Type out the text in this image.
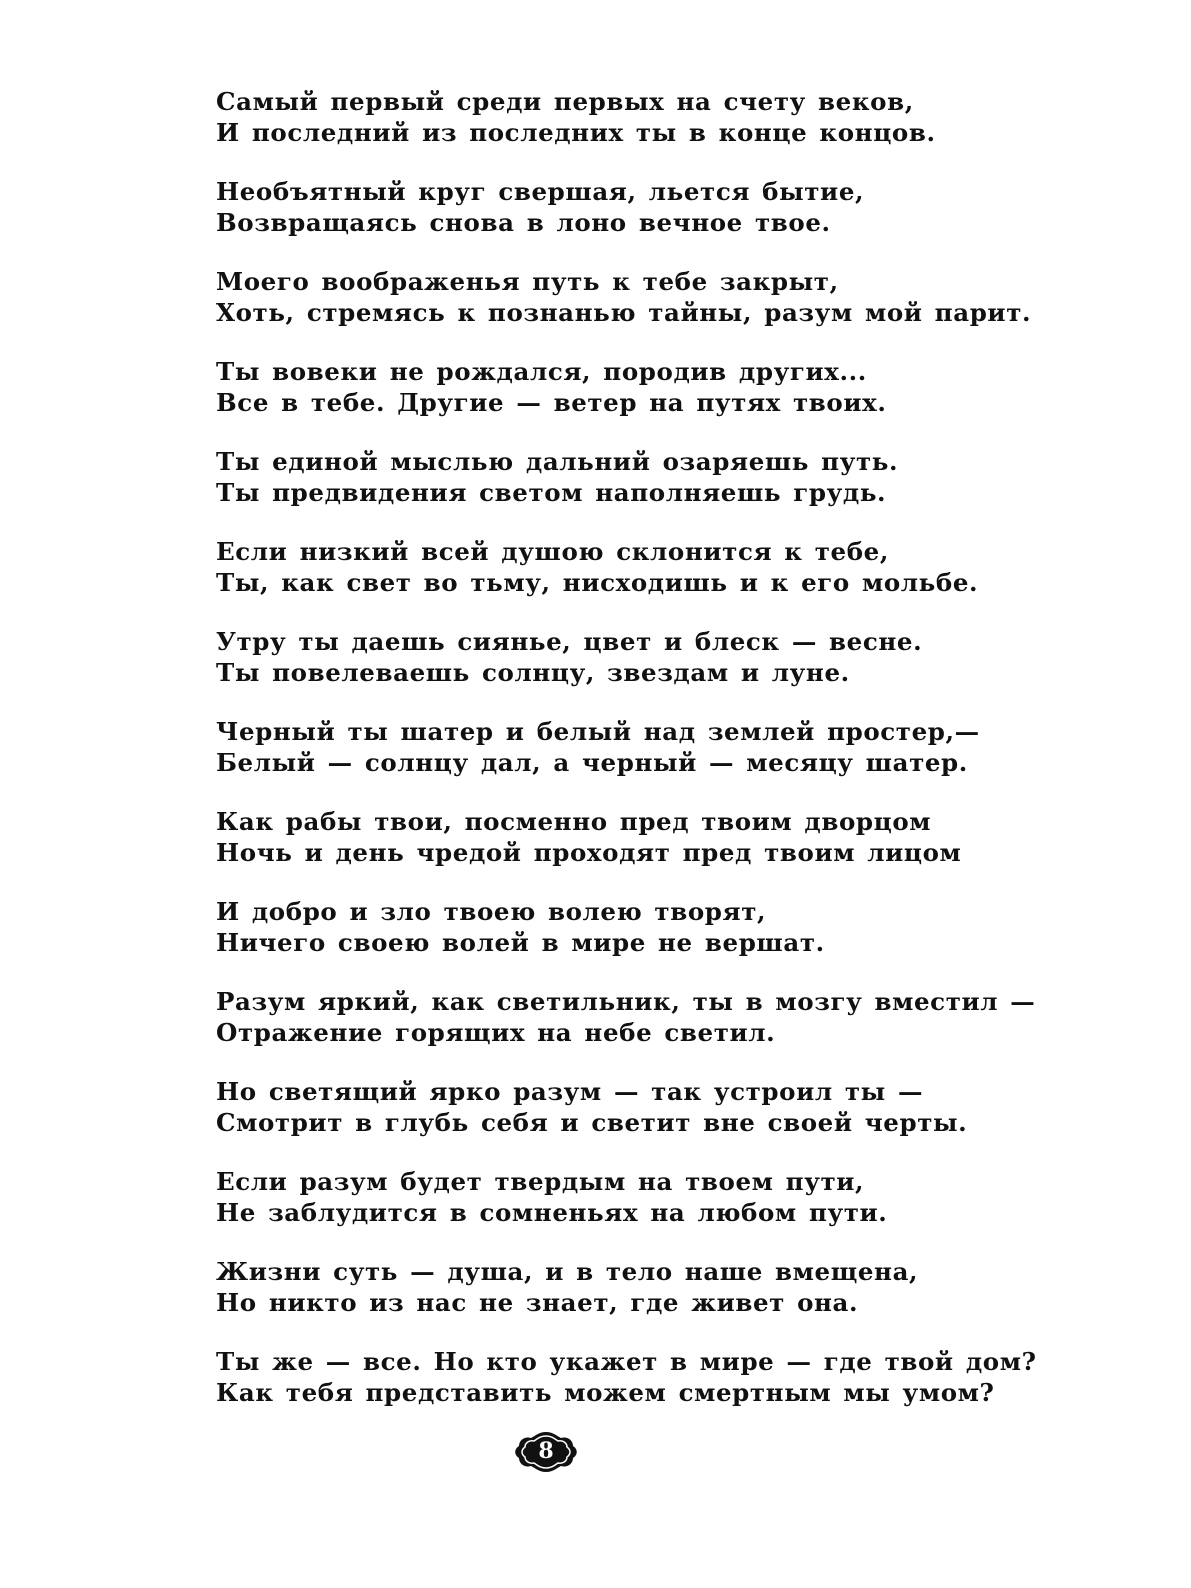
Самый первый среди первых на счету веков,
И последний из последних ты в конце концов.
Необъятный круг свершая, льется бытие,
Возвращаясь снова в лоно вечное твое.
Моего воображенья путь к тебе закрыт,
Хоть, стремясь к познанью тайны, разум мой парит.
Ты вовеки не рождался, породив других...
Все в тебе. Другие — ветер на путях твоих.
Ты единой мыслью дальний озаряешь путь.
Ты предвидения светом наполняешь грудь.
Если низкий всей душою склонится к тебе,
Ты, как свет во тьму, нисходишь и к его мольбе.
Утру ты даешь сиянье, цвет и блеск — весне.
Ты повелеваешь солнцу, звездам и луне.
Черный ты шатер и белый над землей простер,—
Белый — солнцу дал, а черный — месяцу шатер.
Как рабы твои, посменно пред твоим дворцом
Ночь и день чредой проходят пред твоим лицом
И добро и зло твоею волею творят,
Ничего своею волей в мире не вершат.
Разум яркий, как светильник, ты в мозгу вместил —
Отражение горящих на небе светил.
Но светящий ярко разум — так устроил ты —
Смотрит в глубь себя и светит вне своей черты.
Если разум будет твердым на твоем пути,
Не заблудится в сомненьях на любом пути.
Жизни суть — душа, и в тело наше вмещена,
Но никто из нас не знает, где живет она.
Ты же — все. Но кто укажет в мире — где твой дом?
Как тебя представить можем смертным мы умом?
8
